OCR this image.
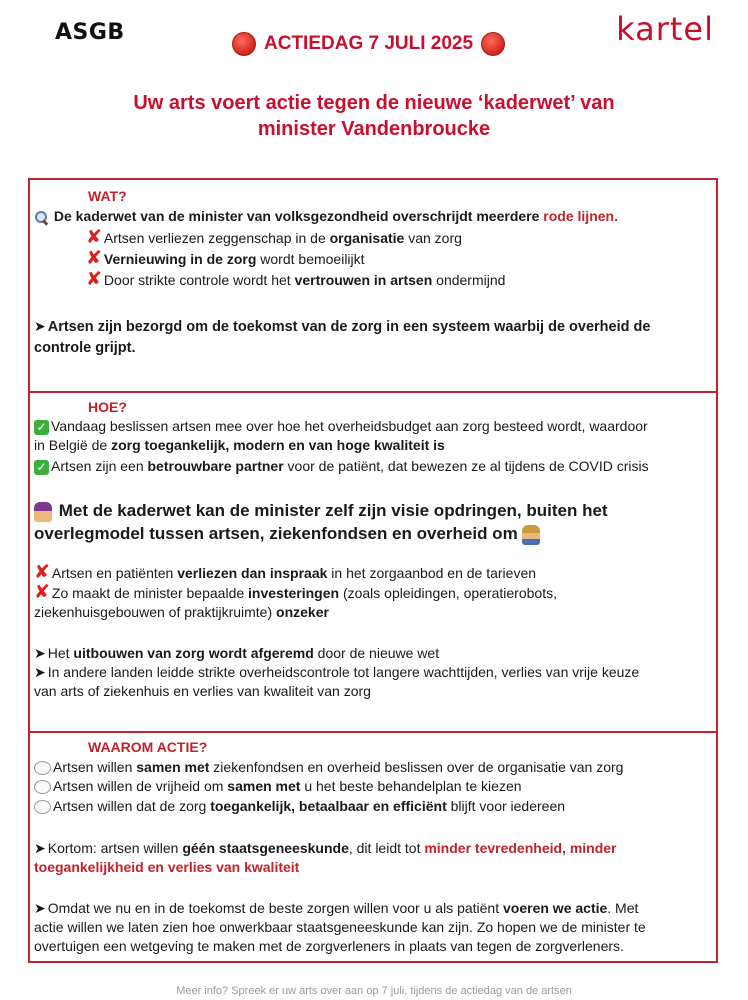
ASGB	ACTIEDAG 7 JULI 2025	kartel
Uw arts voert actie tegen de nieuwe ‘kaderwet’ van
minister Vandenbroucke
WAT?
De kaderwet van de minister van volksgezondheid overschrijdt meerdere rode lijnen.
✘ Artsen verliezen zeggenschap in de organisatie van zorg
✘ Vernieuwing in de zorg wordt bemoeilijkt
✘ Door strikte controle wordt het vertrouwen in artsen ondermijnd
➤ Artsen zijn bezorgd om de toekomst van de zorg in een systeem waarbij de overheid de
controle grijpt.
HOE?
✓ Vandaag beslissen artsen mee over hoe het overheidsbudget aan zorg besteed wordt, waardoor
in België de zorg toegankelijk, modern en van hoge kwaliteit is
✓ Artsen zijn een betrouwbare partner voor de patiënt, dat bewezen ze al tijdens de COVID crisis
Met de kaderwet kan de minister zelf zijn visie opdringen, buiten het
overlegmodel tussen artsen, ziekenfondsen en overheid om
✘ Artsen en patiënten verliezen dan inspraak in het zorgaanbod en de tarieven
✘ Zo maakt de minister bepaalde investeringen (zoals opleidingen, operatierobots,
ziekenhuisgebouwen of praktijkruimte) onzeker
➤ Het uitbouwen van zorg wordt afgeremd door de nieuwe wet
➤ In andere landen leidde strikte overheidscontrole tot langere wachttijden, verlies van vrije keuze
van arts of ziekenhuis en verlies van kwaliteit van zorg
WAAROM ACTIE?
Artsen willen samen met ziekenfondsen en overheid beslissen over de organisatie van zorg
Artsen willen de vrijheid om samen met u het beste behandelplan te kiezen
Artsen willen dat de zorg toegankelijk, betaalbaar en efficiënt blijft voor iedereen
➤ Kortom: artsen willen géén staatsgeneeskunde, dit leidt tot minder tevredenheid, minder
toegankelijkheid en verlies van kwaliteit
➤ Omdat we nu en in de toekomst de beste zorgen willen voor u als patiënt voeren we actie. Met
actie willen we laten zien hoe onwerkbaar staatsgeneeskunde kan zijn. Zo hopen we de minister te
overtuigen een wetgeving te maken met de zorgverleners in plaats van tegen de zorgverleners.
Meer info? Spreek er uw arts over aan op 7 juli, tijdens de actiedag van de artsen
